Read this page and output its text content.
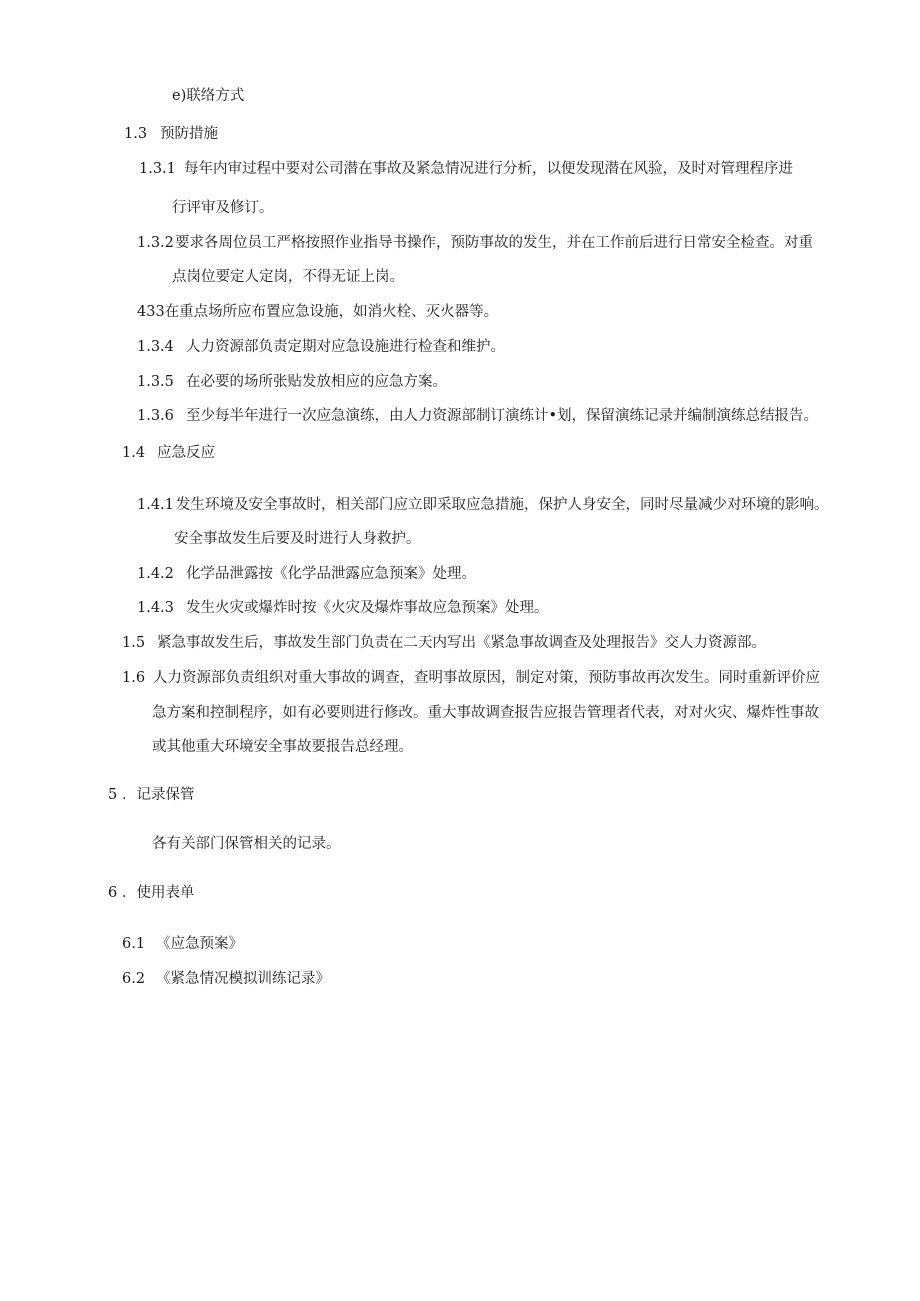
e)联络方式
1.3 预防措施
1.3.1 每年内审过程中要对公司潜在事故及紧急情况进行分析，以便发现潜在风验，及时对管理程序进
行评审及修订。
1.3.2 要求各周位员工严格按照作业指导书操作，预防事故的发生，并在工作前后进行日常安全检查。对重
点岗位要定人定岗，不得无证上岗。
433在重点场所应布置应急设施，如消火栓、灭火器等。
1.3.4 人力资源部负责定期对应急设施进行检查和维护。
1.3.5 在必要的场所张贴发放相应的应急方案。
1.3.6 至少每半年进行一次应急演练，由人力资源部制订演练计•划，保留演练记录并编制演练总结报告。
1.4 应急反应
1.4.1 发生环境及安全事故时，相关部门应立即采取应急措施，保护人身安全，同时尽量减少对环境的影响。
安全事故发生后要及时进行人身救护。
1.4.2 化学品泄露按《化学品泄露应急预案》处理。
1.4.3 发生火灾或爆炸时按《火灾及爆炸事故应急预案》处理。
1.5 紧急事故发生后，事故发生部门负责在二天内写出《紧急事故调查及处理报告》交人力资源部。
1.6 人力资源部负责组织对重大事故的调查，查明事故原因，制定对策，预防事故再次发生。同时重新评价应
急方案和控制程序，如有必要则进行修改。重大事故调查报告应报告管理者代表，对对火灾、爆炸性事故
或其他重大环境安全事故要报告总经理。
5 ．记录保管
各有关部门保管相关的记录。
6 ．使用表单
6.1 《应急预案》
6.2 《紧急情况模拟训练记录》
